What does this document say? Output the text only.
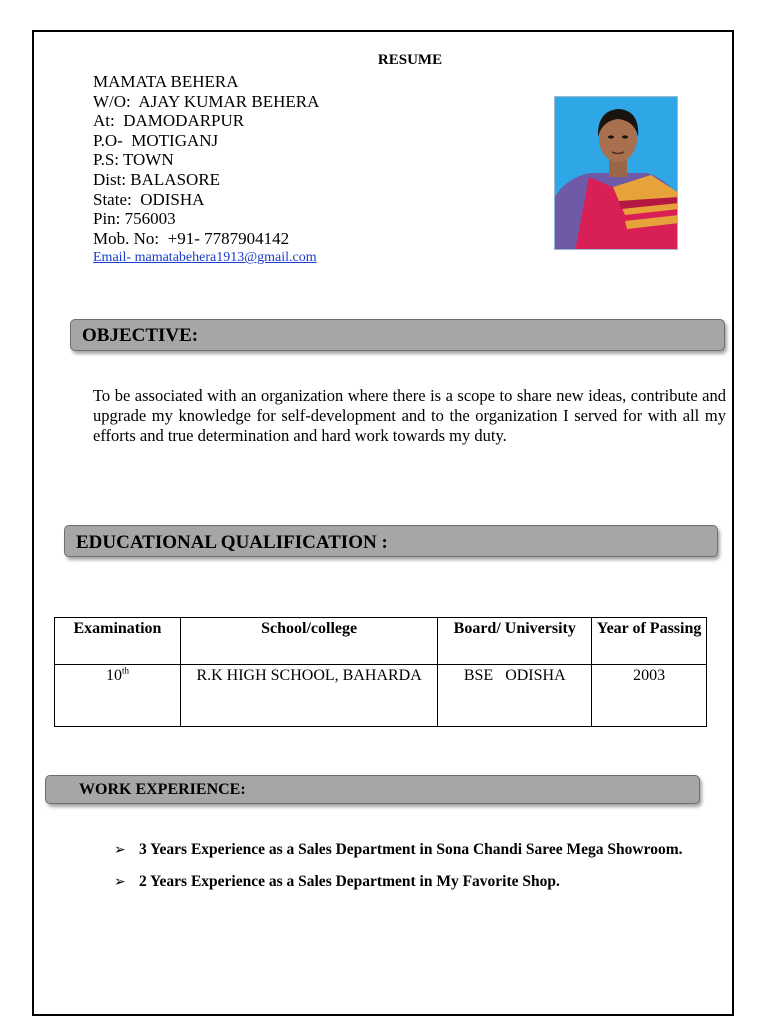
RESUME
MAMATA BEHERA
W/O:  AJAY KUMAR BEHERA
At:  DAMODARPUR
P.O-  MOTIGANJ
P.S: TOWN
Dist: BALASORE
State:  ODISHA
Pin: 756003
Mob. No:  +91- 7787904142
Email- mamatabehera1913@gmail.com
OBJECTIVE:
To be associated with an organization where there is a scope to share new ideas, contribute and upgrade my knowledge for self-development and to the organization I served for with all my efforts and true determination and hard work towards my duty.
EDUCATIONAL QUALIFICATION :
Examination	School/college	Board/ University	Year of Passing
10th	R.K HIGH SCHOOL, BAHARDA	BSE   ODISHA	2003
WORK EXPERIENCE:
➢ 3 Years Experience as a Sales Department in Sona Chandi Saree Mega Showroom.
➢ 2 Years Experience as a Sales Department in My Favorite Shop.
